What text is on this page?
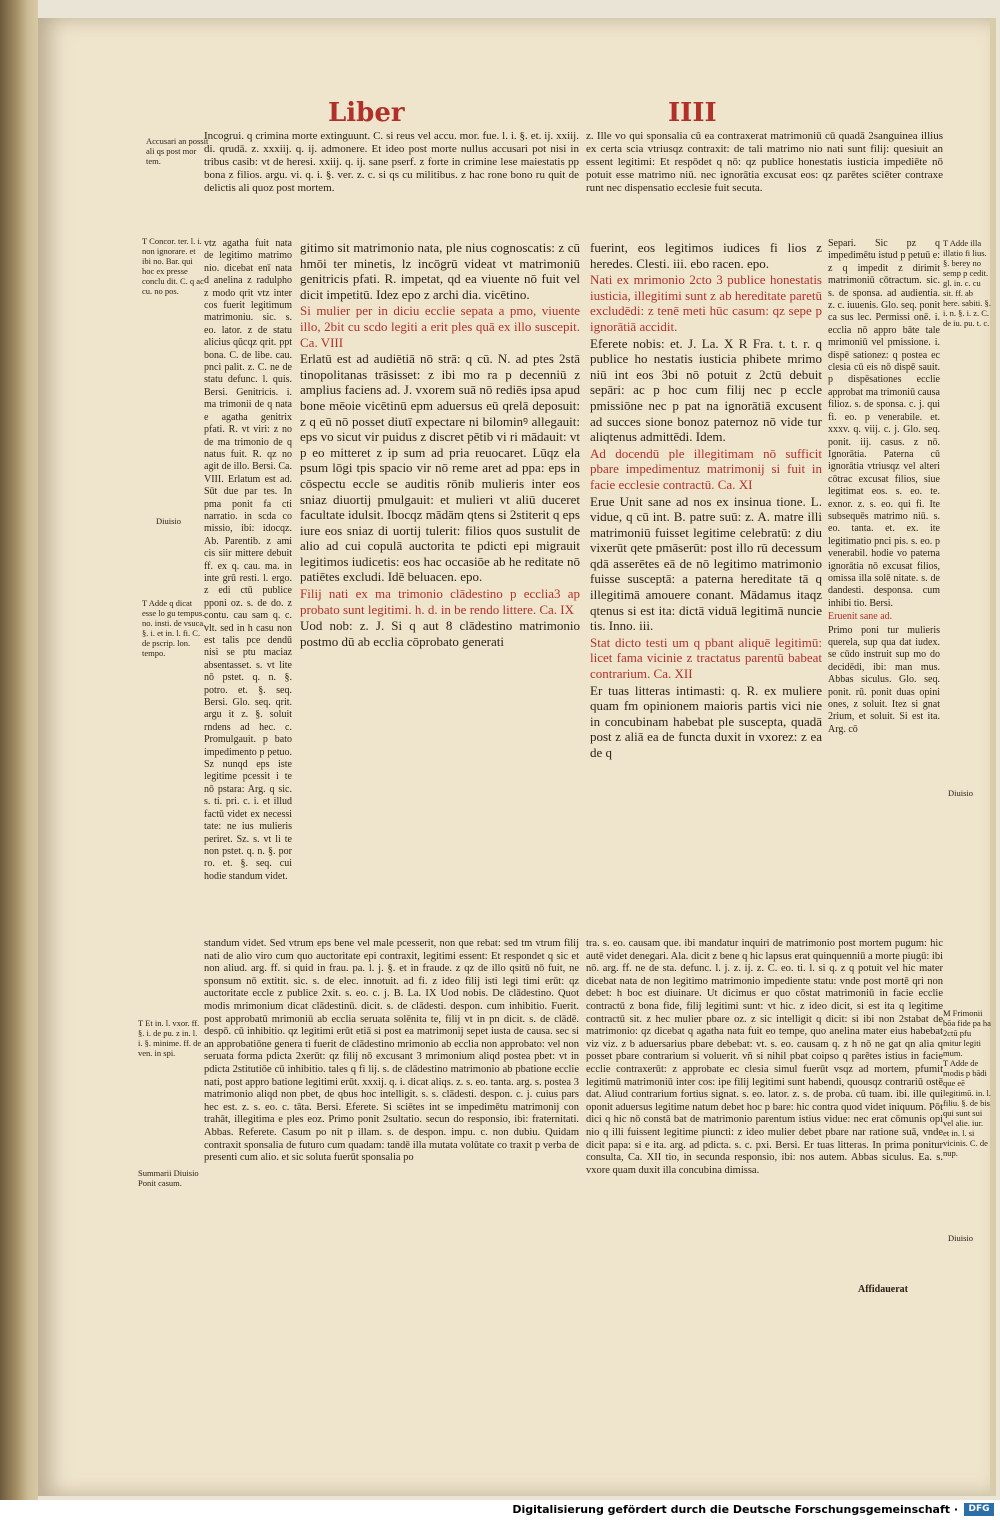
Liber	IIII
Accusari an possit ali qs post mor tem.
T Concor. ter. l. i. non ignorare. et ibi no. Bar. qui hoc ex presse conclu dit. C. q ac cu. no pos.
Diuisio
T Adde q dicat esse lo gu tempus. no. insti. de vsuca. §. i. et in. l. fi. C. de pscrip. lon. tempo.
T Et in. l. vxor. ff. §. i. de pu. z in. l. i. §. minime. ff. de ven. in spi.
Summarii Diuisio Ponit casum.
T Adde illa illatio fi lius. §. berey no semp p cedit. gl. in. c. cu sit. ff. ab here. sabiti. §. i. n. §. i. z. C. de iu. pu. t. c.
Diuisio
M Frimonii bōa fide pa ha 2ctū pfu mitur legiti mum.
T Adde de modis p bādi que eē legitimū. in. l. filiu. §. de bis qui sunt sui vel alie. iur. et in. l. si vicinis. C. de nup.
Diuisio

Incogrui. q crimina morte extinguunt. C. si reus vel accu. mor. fue. l. i. §. et. ij. xxiij. di. qrudā. z. xxxiij. q. ij. admonere. Et ideo post morte nullus accusari pot nisi in tribus casib: vt de heresi. xxiij. q. ij. sane pserf. z forte in crimine lese maiestatis pp bona z filios. argu. vi. q. i. §. ver. z. c. si qs cu militibus. z hac rone bono ru quit de delictis ali quoz post mortem.

z. Ille vo qui sponsalia cū ea contraxerat matrimoniū cū quadā 2sanguinea illius ex certa scia vtriusqz contraxit: de tali matrimo nio nati sunt filij: quesiuit an essent legitimi: Et respōdet q nō: qz publice honestatis iusticia impediēte nō potuit esse matrimo niū. nec ignorātia excusat eos: qz parētes sciēter contraxe runt nec dispensatio ecclesie fuit secuta.

vtz agatha fuit nata de legitimo matrimo nio. dicebat enī nata d anelina z radulpho z modo qrit vtz inter cos fuerit legitimum matrimoniu. sic. s. eo. lator. z de statu alicius qūcqz qrit. ppt bona. C. de libe. cau. pnci palit. z. C. ne de statu defunc. l. quis. Bersi. Genitricis. i. ma trimonii de q nata e agatha genitrix pfati. R. vt viri: z no de ma trimonio de q natus fuit. R. qz no agit de illo. Bersi. Ca. VIII. Erlatum est ad. Sūt due par tes. In pma ponit fa cti narratio. in scda co missio, ibi: idocqz. Ab. Parentib. z ami cis siir mittere debuit ff. ex q. cau. ma. in inte grū resti. l. ergo. z edi ctū publice pponi oz. s. de do. z contu. cau sam q. c. vlt. sed in h casu non est talis pce dendū nisi se ptu maciaz absentasset. s. vt lite nō pstet. q. n. §. potro. et. §. seq. Bersi. Glo. seq. qrit. argu it z. §. soluit rndens ad hec. c. Promulgauit. p bato impedimento p petuo. Sz nunqd eps iste legitime pcessit i te nō pstara: Arg. q sic. s. ti. pri. c. i. et illud factū videt ex necessi tate: ne ius mulieris periret. Sz. s. vt li te non pstet. q. n. §. por ro. et. §. seq. cui hodie standum videt.

gitimo sit matrimonio nata, ple nius cognoscatis: z cū hmōi ter minetis, lz incōgrū videat vt matrimoniū genitricis pfati. R. impetat, qd ea viuente nō fuit vel dicit impetitū. Idez epo z archi dia. vicētino.

Si mulier per in diciu ecclie sepata a pmo, viuente illo, 2bit cu scdo legiti a erit ples quā ex illo suscepit. Ca. VIII

Erlatū est ad audiētiā nō strā: q cū. N. ad ptes 2stā tinopolitanas trāsisset: z ibi mo ra p decenniū z amplius faciens ad. J. vxorem suā nō rediēs ipsa apud bone mēoie vicētinū epm aduersus eū qrelā deposuit: z q eū nō posset diutī expectare ni bilominꝰ allegauit: eps vo sicut vir puidus z discret pētib vi ri mādauit: vt p eo mitteret z ip sum ad pria reuocaret. Lūqz ela psum lōgi tpis spacio vir nō reme aret ad ppa: eps in cōspectu eccle se auditis rōnib mulieris inter eos sniaz diuortij pmulgauit: et mulieri vt aliū duceret facultate idulsit. Ibocqz mādām qtens si 2stiterit q eps iure eos sniaz di uortij tulerit: filios quos sustulit de alio ad cui copulā auctorita te pdicti epi migrauit legitimos iudicetis: eos hac occasiōe ab he reditate nō patiētes excludi. Idē beluacen. epo.

Filij nati ex ma trimonio clādestino p ecclia3 ap probato sunt legitimi. h. d. in be rendo littere. Ca. IX

Uod nob: z. J. Si q aut 8 clādestino matrimonio postmo dū ab ecclia cōprobato generati

fuerint, eos legitimos iudices fi lios z heredes. Clesti. iii. ebo racen. epo.

Nati ex mrimonio 2cto 3 publice honestatis iusticia, illegitimi sunt z ab hereditate paretū excludēdi: z tenē meti hūc casum: qz sepe p ignorātiā accidit.

Eferete nobis: et. J. La. X R Fra. t. t. r. q publice ho nestatis iusticia phibete mrimo niū int eos 3bi nō potuit z 2ctū debuit sepāri: ac p hoc cum filij nec p eccle pmissiōne nec p pat na ignorātiā excusent ad succes sione bonoz paternoz nō vide tur aliqtenus admittēdi. Idem.

Ad docendū ple illegitimam nō sufficit pbare impedimentuz matrimonij si fuit in facie ecclesie contractū. Ca. XI

Erue Unit sane ad nos ex insinua tione. L. vidue, q cū int. B. patre suū: z. A. matre illi matrimoniū fuisset legitime celebratū: z diu vixerūt qete pmāserūt: post illo rū decessum qdā asserētes eā de nō legitimo matrimonio fuisse susceptā: a paterna hereditate tā q illegitimā amouere conant. Mādamus itaqz qtenus si est ita: dictā viduā legitimā nuncie tis. Inno. iii.

Stat dicto testi um q pbant aliquē legitimū: licet fama vicinie z tractatus parentū babeat contrarium. Ca. XII

Er tuas litteras intimasti: q. R. ex muliere quam fm opinionem maioris partis vici nie in concubinam habebat ple suscepta, quadā post z aliā ea de functa duxit in vxorez: z ea de q

Separi. Sic pz q impedimētu istud p petuū e: z q impedit z dirimit matrimoniū cōtractum. sic. s. de sponsa. ad audientia. z. c. iuuenis. Glo. seq. ponit ca sus lec. Permissi onē. i. ecclia nō appro bāte tale mrimoniū vel pmissione. i. dispē sationez: q postea ec clesia cū eis nō dispē sauit. p dispēsationes ecclie approbat ma trimoniū causa filioz. s. de sponsa. c. j. qui fi. eo. p venerabile. et. xxxv. q. viij. c. j. Glo. seq. ponit. iij. casus. z nō. Ignorātia. Paterna cū ignorātia vtriusqz vel alteri cōtrac excusat filios, siue legitimat eos. s. eo. te. exnor. z. s. eo. qui fi. Ite subsequēs matrimo niū. s. eo. tanta. et. ex. ite legitimatio pnci pis. s. eo. p venerabil. hodie vo paterna ignorātia nō excusat filios, omissa illa solē nitate. s. de dandesti. desponsa. cum inhibi tio. Bersi.

Eruenit sane ad.

Primo poni tur mulieris querela, sup qua dat iudex. se cūdo instruit sup mo do decidēdi, ibi: man mus. Abbas siculus. Glo. seq. ponit. rū. ponit duas opini ones, z soluit. Itez si gnat 2rium, et soluit. Si est ita. Arg. cō

standum videt. Sed vtrum eps bene vel male pcesserit, non que rebat: sed tm vtrum filij nati de alio viro cum quo auctoritate epi contraxit, legitimi essent: Et respondet q sic et non aliud. arg. ff. si quid in frau. pa. l. j. §. et in fraude. z qz de illo qsitū nō fuit, ne sponsum nō extitit. sic. s. de elec. innotuit. ad fi. z ideo filij isti legi timi erūt: qz auctoritate eccle z publice 2xit. s. eo. c. j. B. La. IX Uod nobis. De clādestino. Quot modis mrimonium dicat clādestinū. dicit. s. de clādesti. despon. cum inhibitio. Fuerit. post approbatū mrimoniū ab ecclia seruata solēnita te, filij vt in pn dicit. s. de clādē. despō. cū inhibitio. qz legitimi erūt etiā si post ea matrimonij sepet iusta de causa. sec si an approbatiōne genera ti fuerit de clādestino mrimonio ab ecclia non approbato: vel non seruata forma pdicta 2xerūt: qz filij nō excusant 3 mrimonium aliqd postea pbet: vt in pdicta 2stitutiōe cū inhibitio. tales q fi lij. s. de clādestino matrimonio ab pbatione ecclie nati, post appro batione legitimi erūt. xxxij. q. i. dicat aliqs. z. s. eo. tanta. arg. s. postea 3 matrimonio aliqd non pbet, de qbus hoc intelligit. s. s. clādesti. despon. c. j. cuius pars hec est. z. s. eo. c. tāta. Bersi. Eferete. Si sciētes int se impedimētu matrimonij con trahāt, illegitima e ples eoz. Primo ponit 2sultatio. secun do responsio, ibi: fraternitati. Abbas. Referete. Casum po nit p illam. s. de despon. impu. c. non dubiu. Quidam contraxit sponsalia de futuro cum quadam: tandē illa mutata volūtate co traxit p verba de presenti cum alio. et sic soluta fuerūt sponsalia po

tra. s. eo. causam que. ibi mandatur inquiri de matrimonio post mortem pugum: hic autē videt denegari. Ala. dicit z bene q hic lapsus erat quinquenniū a morte piugū: ibi nō. arg. ff. ne de sta. defunc. l. j. z. ij. z. C. eo. ti. l. si q. z q potuit vel hic mater dicebat nata de non legitimo matrimonio impediente statu: vnde post mortē qri non debet: h boc est diuinare. Ut dicimus er quo cōstat matrimoniū in facie ecclie contractū z bona fide, filij legitimi sunt: vt hic. z ideo dicit, si est ita q legitime contractū sit. z hec mulier pbare oz. z sic intelligit q dicit: si ibi non 2stabat de matrimonio: qz dicebat q agatha nata fuit eo tempe, quo anelina mater eius habebat viz viz. z b aduersarius pbare debebat: vt. s. eo. causam q. z h nō ne gat qn alia q posset pbare contrarium si voluerit. vñ si nihil pbat coipso q parētes istius in facie ecclie contraxerūt: z approbate ec clesia simul fuerūt vsqz ad mortem, pfumit legitimū matrimoniū inter cos: ipe filij legitimi sunt habendi, quousqz contrariū ostē dat. Aliud contrarium fortius signat. s. eo. lator. z. s. de proba. cū tuam. ibi. ille qui oponit aduersus legitime natum debet hoc p bare: hic contra quod videt iniquum. Pōt dici q hic nō constā bat de matrimonio parentum istius vidue: nec erat cōmunis opi nio q illi fuissent legitime piuncti: z ideo mulier debet pbare nar ratione suā, vnde dicit papa: si e ita. arg. ad pdicta. s. c. pxi. Bersi. Er tuas litteras. In prima ponitur consulta, Ca. XII tio, in secunda responsio, ibi: nos autem. Abbas siculus. Ea. s. vxore quam duxit illa concubina dimissa.

Affidauerat
Digitalisierung gefördert durch die Deutsche Forschungsgemeinschaft ·	DFG
